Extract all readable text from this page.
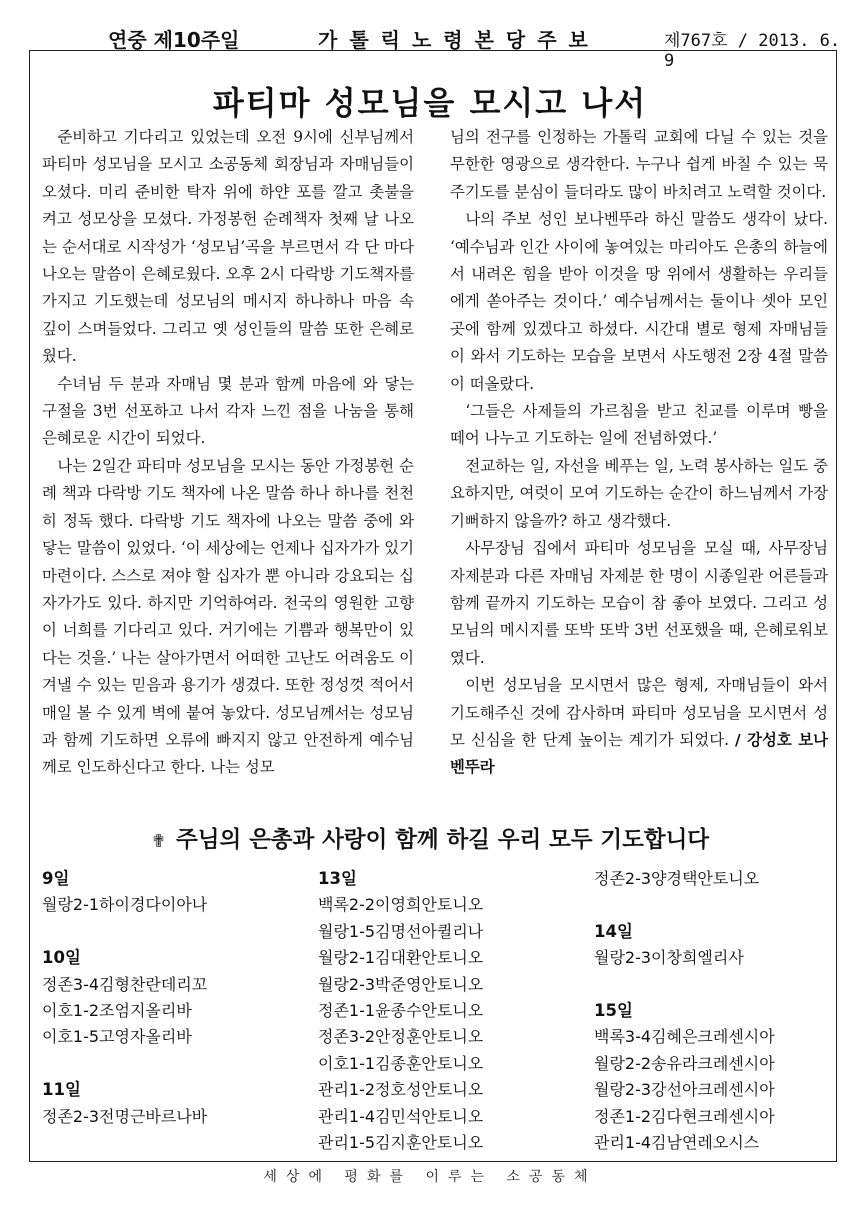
연중 제10주일	가톨릭노령본당주보	제767호 / 2013. 6. 9
파티마 성모님을 모시고 나서

준비하고 기다리고 있었는데 오전 9시에 신부님께서 파티마 성모님을 모시고 소공동체 회장님과 자매님들이 오셨다. 미리 준비한 탁자 위에 하얀 포를 깔고 촛불을 켜고 성모상을 모셨다. 가정봉헌 순례책자 첫째 날 나오는 순서대로 시작성가 ‘성모님’곡을 부르면서 각 단 마다 나오는 말씀이 은혜로웠다. 오후 2시 다락방 기도책자를 가지고 기도했는데 성모님의 메시지 하나하나 마음 속 깊이 스며들었다. 그리고 옛 성인들의 말씀 또한 은혜로웠다.

수녀님 두 분과 자매님 몇 분과 함께 마음에 와 닿는 구절을 3번 선포하고 나서 각자 느낀 점을 나눔을 통해 은혜로운 시간이 되었다.

나는 2일간 파티마 성모님을 모시는 동안 가정봉헌 순례 책과 다락방 기도 책자에 나온 말씀 하나 하나를 천천히 정독 했다. 다락방 기도 책자에 나오는 말씀 중에 와 닿는 말씀이 있었다. ‘이 세상에는 언제나 십자가가 있기 마련이다. 스스로 져야 할 십자가 뿐 아니라 강요되는 십자가가도 있다. 하지만 기억하여라. 천국의 영원한 고향이 너희를 기다리고 있다. 거기에는 기쁨과 행복만이 있다는 것을.’ 나는 살아가면서 어떠한 고난도 어려움도 이겨낼 수 있는 믿음과 용기가 생겼다. 또한 정성껏 적어서 매일 볼 수 있게 벽에 붙여 놓았다. 성모님께서는 성모님과 함께 기도하면 오류에 빠지지 않고 안전하게 예수님께로 인도하신다고 한다. 나는 성모

님의 전구를 인정하는 가톨릭 교회에 다닐 수 있는 것을 무한한 영광으로 생각한다. 누구나 쉽게 바칠 수 있는 묵주기도를 분심이 들더라도 많이 바치려고 노력할 것이다.

나의 주보 성인 보나벤뚜라 하신 말씀도 생각이 났다. ‘예수님과 인간 사이에 놓여있는 마리아도 은총의 하늘에서 내려온 힘을 받아 이것을 땅 위에서 생활하는 우리들에게 쏟아주는 것이다.’ 예수님께서는 둘이나 셋아 모인 곳에 함께 있겠다고 하셨다. 시간대 별로 형제 자매님들이 와서 기도하는 모습을 보면서 사도행전 2장 4절 말씀이 떠올랐다.

‘그들은 사제들의 가르침을 받고 친교를 이루며 빵을 떼어 나누고 기도하는 일에 전념하였다.’

전교하는 일, 자선을 베푸는 일, 노력 봉사하는 일도 중요하지만, 여럿이 모여 기도하는 순간이 하느님께서 가장 기뻐하지 않을까? 하고 생각했다.

사무장님 집에서 파티마 성모님을 모실 때, 사무장님 자제분과 다른 자매님 자제분 한 명이 시종일관 어른들과 함께 끝까지 기도하는 모습이 참 좋아 보였다. 그리고 성모님의 메시지를 또박 또박 3번 선포했을 때, 은혜로워보였다.

이번 성모님을 모시면서 많은 형제, 자매님들이 와서 기도해주신 것에 감사하며 파티마 성모님을 모시면서 성모 신심을 한 단계 높이는 계기가 되었다. / 강성호 보나벤뚜라

✟ 주님의 은총과 사랑이 함께 하길 우리 모두 기도합니다
9일
월랑2-1하이경다이아나
10일
정존3-4김형찬란데리꼬
이호1-2조엄지올리바
이호1-5고영자올리바
11일
정존2-3전명근바르나바
13일
백록2-2이영희안토니오
월랑1-5김명선아퀼리나
월랑2-1김대환안토니오
월랑2-3박준영안토니오
정존1-1윤종수안토니오
정존3-2안정훈안토니오
이호1-1김종훈안토니오
관리1-2정호성안토니오
관리1-4김민석안토니오
관리1-5김지훈안토니오
정존2-3양경택안토니오
14일
월랑2-3이창희엘리사
15일
백록3-4김혜은크레센시아
월랑2-2송유라크레센시아
월랑2-3강선아크레센시아
정존1-2김다현크레센시아
관리1-4김남연레오시스
세상에 평화를 이루는 소공동체
